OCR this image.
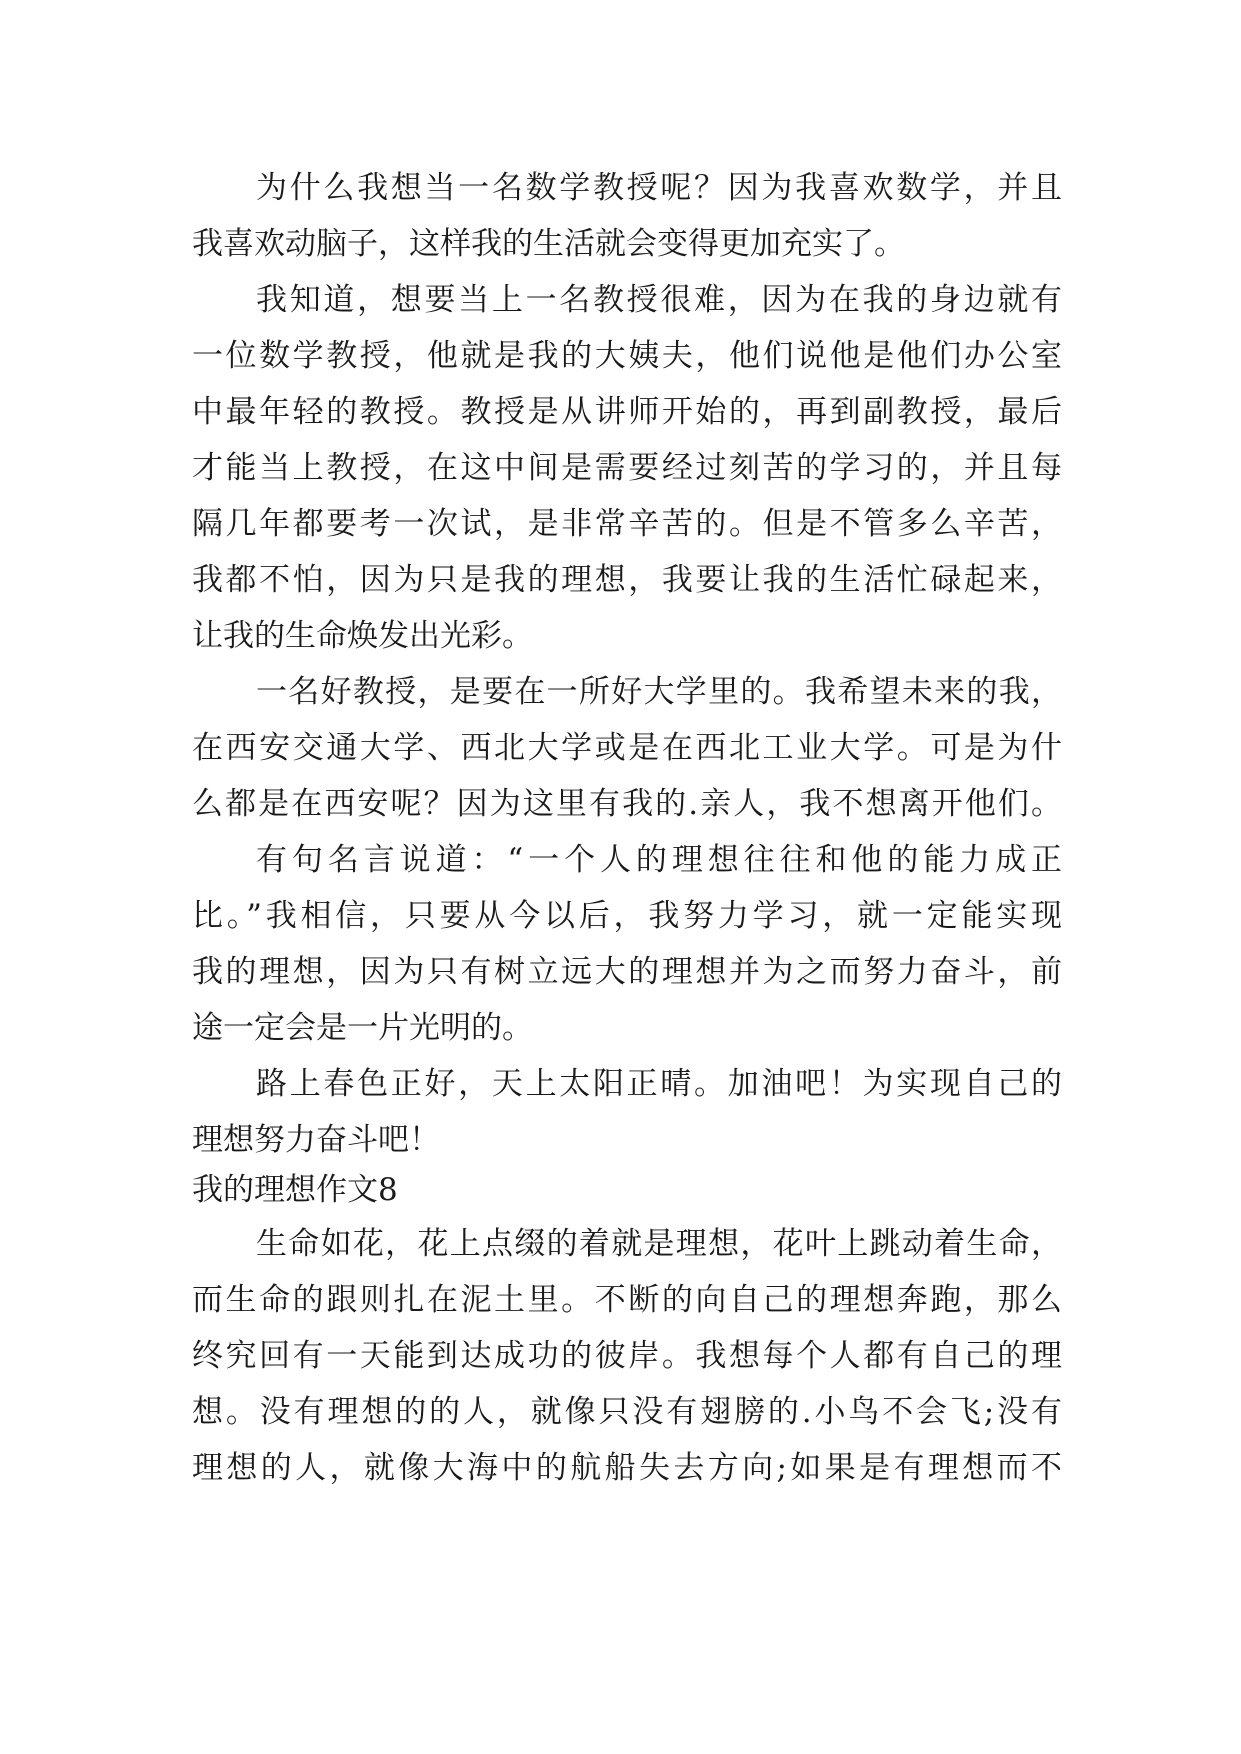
为什么我想当一名数学教授呢？因为我喜欢数学，并且
我喜欢动脑子，这样我的生活就会变得更加充实了。
我知道，想要当上一名教授很难，因为在我的身边就有
一位数学教授，他就是我的大姨夫，他们说他是他们办公室
中最年轻的教授。教授是从讲师开始的，再到副教授，最后
才能当上教授，在这中间是需要经过刻苦的学习的，并且每
隔几年都要考一次试，是非常辛苦的。但是不管多么辛苦，
我都不怕，因为只是我的理想，我要让我的生活忙碌起来，
让我的生命焕发出光彩。
一名好教授，是要在一所好大学里的。我希望未来的我，
在西安交通大学、西北大学或是在西北工业大学。可是为什
么都是在西安呢？因为这里有我的.亲人，我不想离开他们。
有句名言说道：“一个人的理想往往和他的能力成正
比。”我相信，只要从今以后，我努力学习，就一定能实现
我的理想，因为只有树立远大的理想并为之而努力奋斗，前
途一定会是一片光明的。
路上春色正好，天上太阳正晴。加油吧！为实现自己的
理想努力奋斗吧！
我的理想作文8
生命如花，花上点缀的着就是理想，花叶上跳动着生命，
而生命的跟则扎在泥土里。不断的向自己的理想奔跑，那么
终究回有一天能到达成功的彼岸。我想每个人都有自己的理
想。没有理想的的人，就像只没有翅膀的.小鸟不会飞;没有
理想的人，就像大海中的航船失去方向;如果是有理想而不
